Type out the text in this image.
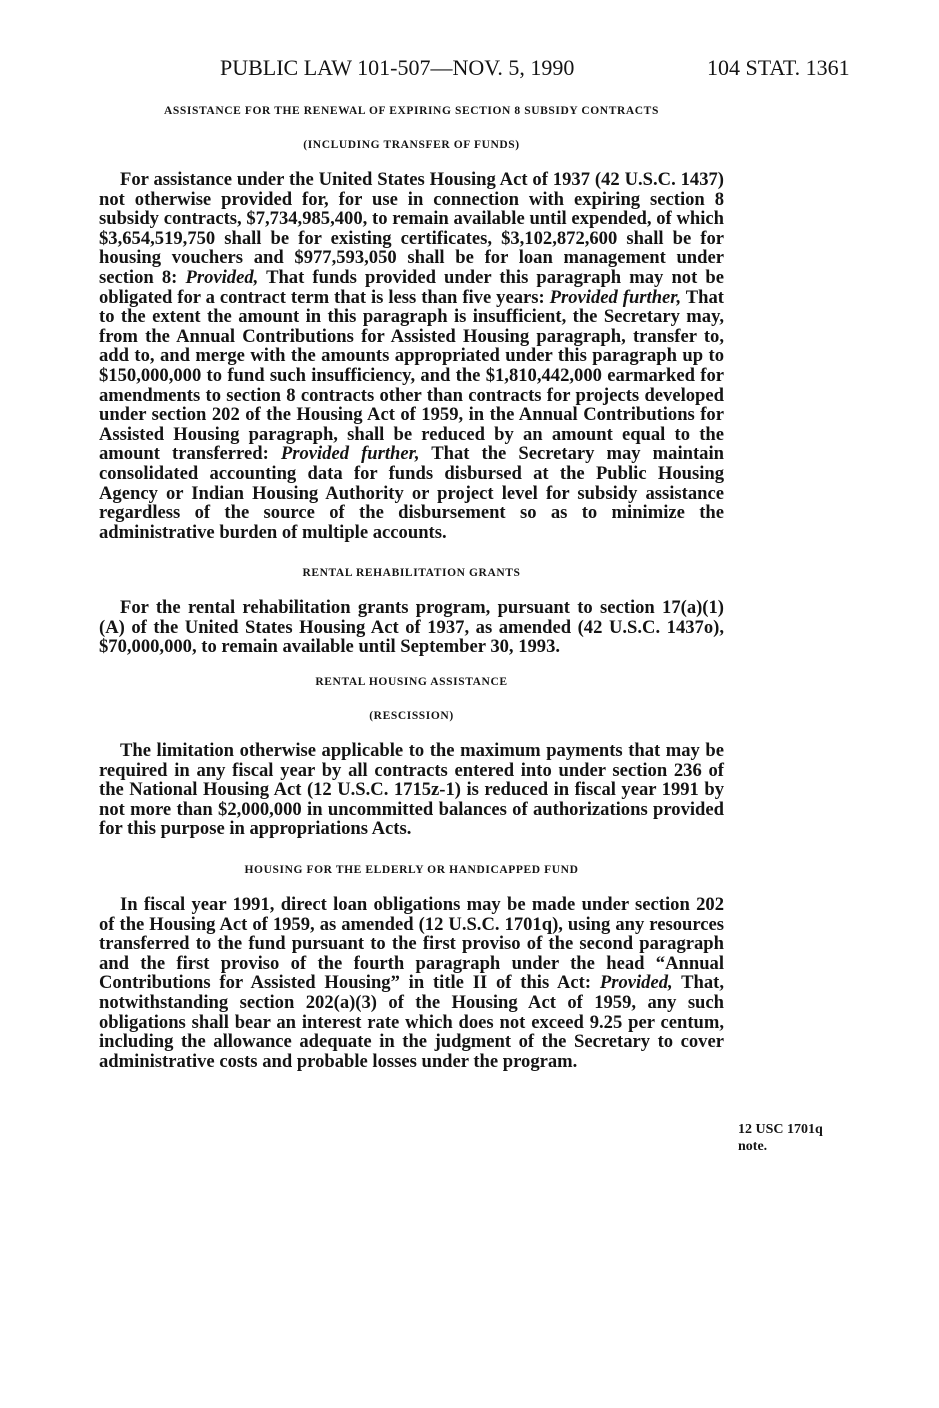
PUBLIC LAW 101-507—NOV. 5, 1990	104 STAT. 1361
ASSISTANCE FOR THE RENEWAL OF EXPIRING SECTION 8 SUBSIDY CONTRACTS
(INCLUDING TRANSFER OF FUNDS)

For assistance under the United States Housing Act of 1937 (42 U.S.C. 1437) not otherwise provided for, for use in connection with expiring section 8 subsidy contracts, $7,734,985,400, to remain available until expended, of which $3,654,519,750 shall be for existing certificates, $3,102,872,600 shall be for housing vouchers and $977,593,050 shall be for loan management under section 8: Provided, That funds provided under this paragraph may not be obligated for a contract term that is less than five years: Provided further, That to the extent the amount in this paragraph is insufficient, the Secretary may, from the Annual Contributions for Assisted Housing paragraph, transfer to, add to, and merge with the amounts appropriated under this paragraph up to $150,000,000 to fund such insufficiency, and the $1,810,442,000 earmarked for amendments to section 8 contracts other than contracts for projects developed under section 202 of the Housing Act of 1959, in the Annual Contributions for Assisted Housing paragraph, shall be reduced by an amount equal to the amount transferred: Provided further, That the Secretary may maintain consolidated accounting data for funds disbursed at the Public Housing Agency or Indian Housing Authority or project level for subsidy assistance regardless of the source of the disbursement so as to minimize the administrative burden of multiple accounts.

RENTAL REHABILITATION GRANTS

For the rental rehabilitation grants program, pursuant to section 17(a)(1)(A) of the United States Housing Act of 1937, as amended (42 U.S.C. 1437o), $70,000,000, to remain available until September 30, 1993.

RENTAL HOUSING ASSISTANCE
(RESCISSION)

The limitation otherwise applicable to the maximum payments that may be required in any fiscal year by all contracts entered into under section 236 of the National Housing Act (12 U.S.C. 1715z-1) is reduced in fiscal year 1991 by not more than $2,000,000 in uncommitted balances of authorizations provided for this purpose in appropriations Acts.

HOUSING FOR THE ELDERLY OR HANDICAPPED FUND

In fiscal year 1991, direct loan obligations may be made under section 202 of the Housing Act of 1959, as amended (12 U.S.C. 1701q), using any resources transferred to the fund pursuant to the first proviso of the second paragraph and the first proviso of the fourth paragraph under the head “Annual Contributions for Assisted Housing” in title II of this Act: Provided, That, notwithstanding section 202(a)(3) of the Housing Act of 1959, any such obligations shall bear an interest rate which does not exceed 9.25 per centum, including the allowance adequate in the judgment of the Secretary to cover administrative costs and probable losses under the program.

12 USC 1701q
note.
